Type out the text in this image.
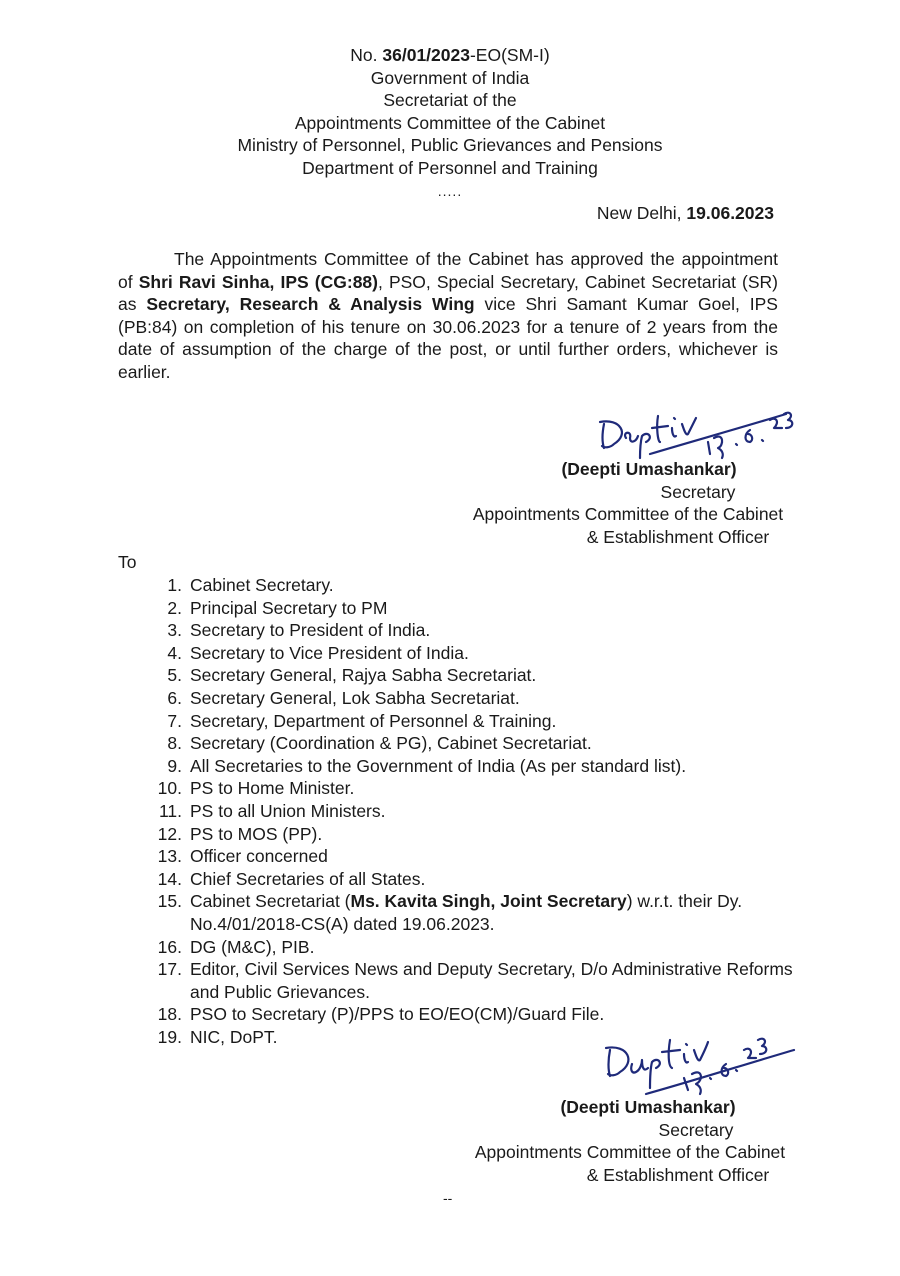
No. 36/01/2023-EO(SM-I)
Government of India
Secretariat of the
Appointments Committee of the Cabinet
Ministry of Personnel, Public Grievances and Pensions
Department of Personnel and Training
.....
New Delhi, 19.06.2023
The Appointments Committee of the Cabinet has approved the appointment of Shri Ravi Sinha, IPS (CG:88), PSO, Special Secretary, Cabinet Secretariat (SR) as Secretary, Research & Analysis Wing vice Shri Samant Kumar Goel, IPS (PB:84) on completion of his tenure on 30.06.2023 for a tenure of 2 years from the date of assumption of the charge of the post, or until further orders, whichever is earlier.
(Deepti Umashankar)
Secretary
Appointments Committee of the Cabinet
& Establishment Officer
To
1. Cabinet Secretary.
2. Principal Secretary to PM
3. Secretary to President of India.
4. Secretary to Vice President of India.
5. Secretary General, Rajya Sabha Secretariat.
6. Secretary General, Lok Sabha Secretariat.
7. Secretary, Department of Personnel & Training.
8. Secretary (Coordination & PG), Cabinet Secretariat.
9. All Secretaries to the Government of India (As per standard list).
10. PS to Home Minister.
11. PS to all Union Ministers.
12. PS to MOS (PP).
13. Officer concerned
14. Chief Secretaries of all States.
15. Cabinet Secretariat (Ms. Kavita Singh, Joint Secretary) w.r.t. their Dy. No.4/01/2018-CS(A) dated 19.06.2023.
16. DG (M&C), PIB.
17. Editor, Civil Services News and Deputy Secretary, D/o Administrative Reforms and Public Grievances.
18. PSO to Secretary (P)/PPS to EO/EO(CM)/Guard File.
19. NIC, DoPT.
(Deepti Umashankar)
Secretary
Appointments Committee of the Cabinet
& Establishment Officer
--
